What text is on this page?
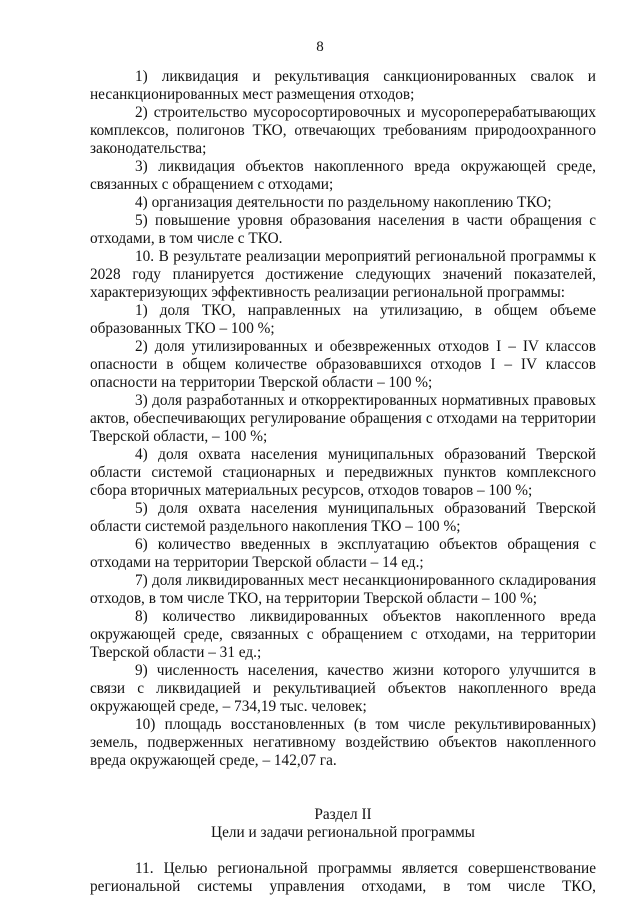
8

1) ликвидация и рекультивация санкционированных свалок и несанкционированных мест размещения отходов;

2) строительство мусоросортировочных и мусороперерабатывающих комплексов, полигонов ТКО, отвечающих требованиям природоохранного законодательства;

3) ликвидация объектов накопленного вреда окружающей среде, связанных с обращением с отходами;

4) организация деятельности по раздельному накоплению ТКО;

5) повышение уровня образования населения в части обращения с отходами, в том числе с ТКО.

10. В результате реализации мероприятий региональной программы к 2028 году планируется достижение следующих значений показателей, характеризующих эффективность реализации региональной программы:

1) доля ТКО, направленных на утилизацию, в общем объеме образованных ТКО – 100 %;

2) доля утилизированных и обезвреженных отходов I – IV классов опасности в общем количестве образовавшихся отходов I – IV классов опасности на территории Тверской области – 100 %;

3) доля разработанных и откорректированных нормативных правовых актов, обеспечивающих регулирование обращения с отходами на территории Тверской области, – 100 %;

4) доля охвата населения муниципальных образований Тверской области системой стационарных и передвижных пунктов комплексного сбора вторичных материальных ресурсов, отходов товаров – 100 %;

5) доля охвата населения муниципальных образований Тверской области системой раздельного накопления ТКО – 100 %;

6) количество введенных в эксплуатацию объектов обращения с отходами на территории Тверской области – 14 ед.;

7) доля ликвидированных мест несанкционированного складирования отходов, в том числе ТКО, на территории Тверской области – 100 %;

8) количество ликвидированных объектов накопленного вреда окружающей среде, связанных с обращением с отходами, на территории Тверской области – 31 ед.;

9) численность населения, качество жизни которого улучшится в связи с ликвидацией и рекультивацией объектов накопленного вреда окружающей среде, – 734,19 тыс. человек;

10) площадь восстановленных (в том числе рекультивированных) земель, подверженных негативному воздействию объектов накопленного вреда окружающей среде, – 142,07 га.

Раздел II

Цели и задачи региональной программы

11. Целью региональной программы является совершенствование региональной системы управления отходами, в том числе ТКО,
